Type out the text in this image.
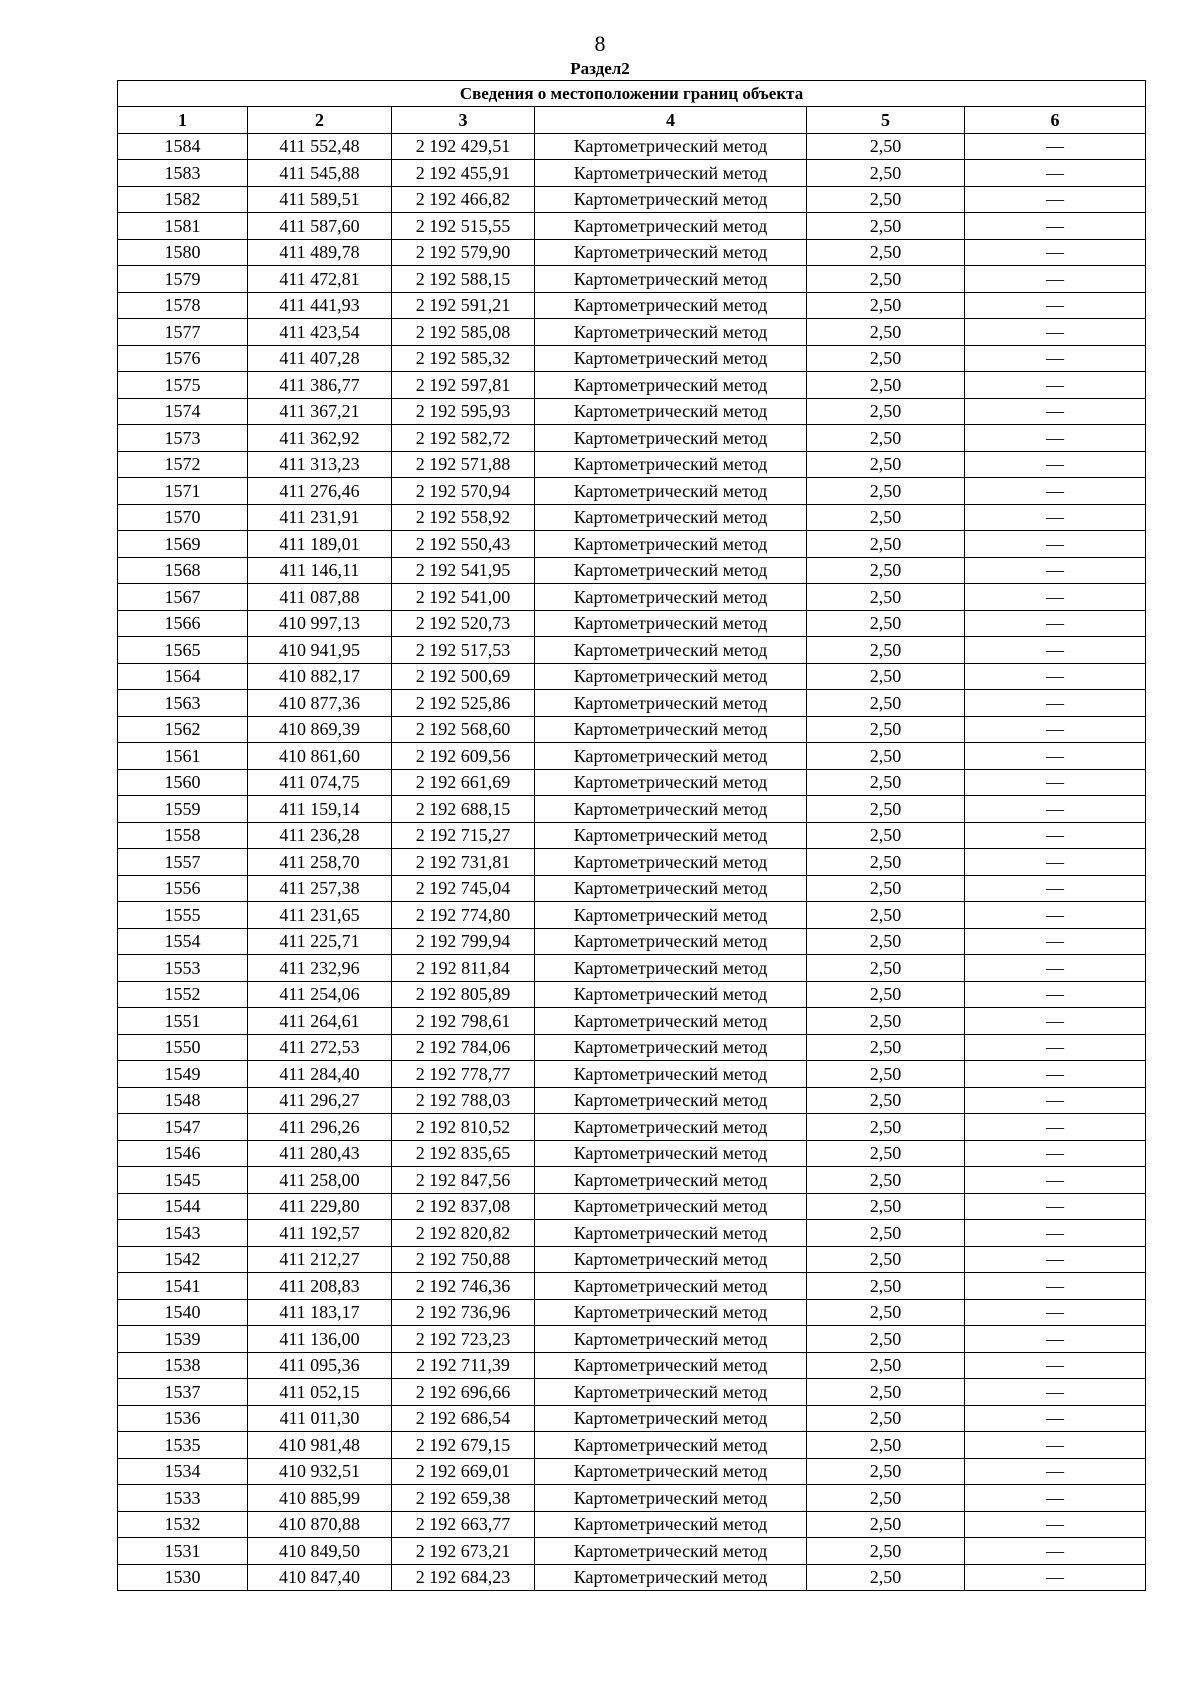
8
Раздел2
Сведения о местоположении границ объекта					
1	2	3	4	5	6
1584	411 552,48	2 192 429,51	Картометрический метод	2,50	—
1583	411 545,88	2 192 455,91	Картометрический метод	2,50	—
1582	411 589,51	2 192 466,82	Картометрический метод	2,50	—
1581	411 587,60	2 192 515,55	Картометрический метод	2,50	—
1580	411 489,78	2 192 579,90	Картометрический метод	2,50	—
1579	411 472,81	2 192 588,15	Картометрический метод	2,50	—
1578	411 441,93	2 192 591,21	Картометрический метод	2,50	—
1577	411 423,54	2 192 585,08	Картометрический метод	2,50	—
1576	411 407,28	2 192 585,32	Картометрический метод	2,50	—
1575	411 386,77	2 192 597,81	Картометрический метод	2,50	—
1574	411 367,21	2 192 595,93	Картометрический метод	2,50	—
1573	411 362,92	2 192 582,72	Картометрический метод	2,50	—
1572	411 313,23	2 192 571,88	Картометрический метод	2,50	—
1571	411 276,46	2 192 570,94	Картометрический метод	2,50	—
1570	411 231,91	2 192 558,92	Картометрический метод	2,50	—
1569	411 189,01	2 192 550,43	Картометрический метод	2,50	—
1568	411 146,11	2 192 541,95	Картометрический метод	2,50	—
1567	411 087,88	2 192 541,00	Картометрический метод	2,50	—
1566	410 997,13	2 192 520,73	Картометрический метод	2,50	—
1565	410 941,95	2 192 517,53	Картометрический метод	2,50	—
1564	410 882,17	2 192 500,69	Картометрический метод	2,50	—
1563	410 877,36	2 192 525,86	Картометрический метод	2,50	—
1562	410 869,39	2 192 568,60	Картометрический метод	2,50	—
1561	410 861,60	2 192 609,56	Картометрический метод	2,50	—
1560	411 074,75	2 192 661,69	Картометрический метод	2,50	—
1559	411 159,14	2 192 688,15	Картометрический метод	2,50	—
1558	411 236,28	2 192 715,27	Картометрический метод	2,50	—
1557	411 258,70	2 192 731,81	Картометрический метод	2,50	—
1556	411 257,38	2 192 745,04	Картометрический метод	2,50	—
1555	411 231,65	2 192 774,80	Картометрический метод	2,50	—
1554	411 225,71	2 192 799,94	Картометрический метод	2,50	—
1553	411 232,96	2 192 811,84	Картометрический метод	2,50	—
1552	411 254,06	2 192 805,89	Картометрический метод	2,50	—
1551	411 264,61	2 192 798,61	Картометрический метод	2,50	—
1550	411 272,53	2 192 784,06	Картометрический метод	2,50	—
1549	411 284,40	2 192 778,77	Картометрический метод	2,50	—
1548	411 296,27	2 192 788,03	Картометрический метод	2,50	—
1547	411 296,26	2 192 810,52	Картометрический метод	2,50	—
1546	411 280,43	2 192 835,65	Картометрический метод	2,50	—
1545	411 258,00	2 192 847,56	Картометрический метод	2,50	—
1544	411 229,80	2 192 837,08	Картометрический метод	2,50	—
1543	411 192,57	2 192 820,82	Картометрический метод	2,50	—
1542	411 212,27	2 192 750,88	Картометрический метод	2,50	—
1541	411 208,83	2 192 746,36	Картометрический метод	2,50	—
1540	411 183,17	2 192 736,96	Картометрический метод	2,50	—
1539	411 136,00	2 192 723,23	Картометрический метод	2,50	—
1538	411 095,36	2 192 711,39	Картометрический метод	2,50	—
1537	411 052,15	2 192 696,66	Картометрический метод	2,50	—
1536	411 011,30	2 192 686,54	Картометрический метод	2,50	—
1535	410 981,48	2 192 679,15	Картометрический метод	2,50	—
1534	410 932,51	2 192 669,01	Картометрический метод	2,50	—
1533	410 885,99	2 192 659,38	Картометрический метод	2,50	—
1532	410 870,88	2 192 663,77	Картометрический метод	2,50	—
1531	410 849,50	2 192 673,21	Картометрический метод	2,50	—
1530	410 847,40	2 192 684,23	Картометрический метод	2,50	—
